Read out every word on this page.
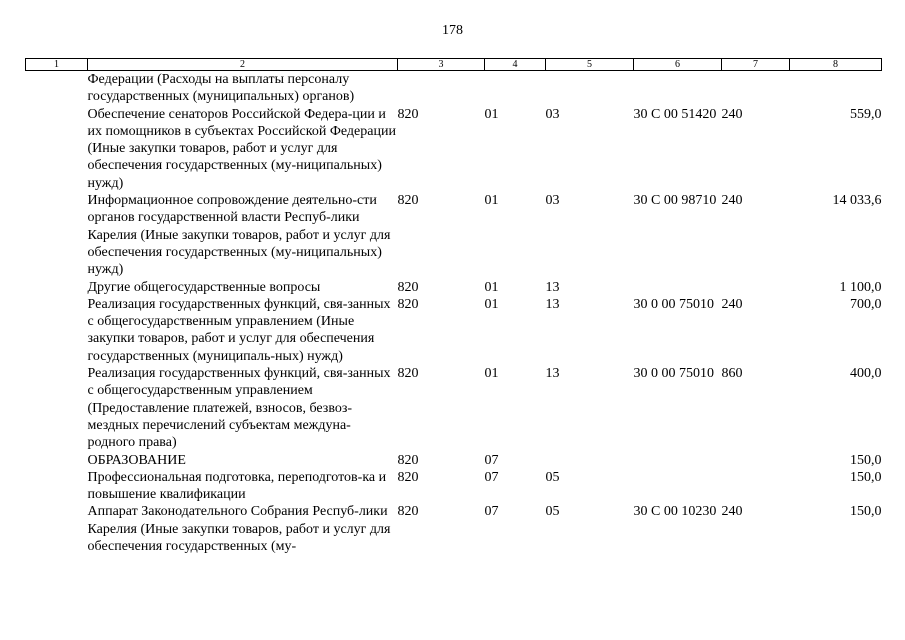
178
1	2	3	4	5	6	7	8
	Федерации (Расходы на выплаты персоналу государственных (муниципальных) органов)						
	Обеспечение сенаторов Российской Федера-ции и их помощников в субъектах Российской Федерации (Иные закупки товаров, работ и услуг для обеспечения государственных (му-ниципальных) нужд)	820	01	03	30 С 00 51420	240	559,0
	Информационное сопровождение деятельно-сти органов государственной власти Респуб-лики Карелия (Иные закупки товаров, работ и услуг для обеспечения государственных (му-ниципальных) нужд)	820	01	03	30 С 00 98710	240	14 033,6
	Другие общегосударственные вопросы	820	01	13			1 100,0
	Реализация государственных функций, свя-занных с общегосударственным управлением (Иные закупки товаров, работ и услуг для обеспечения государственных (муниципаль-ных) нужд)	820	01	13	30 0 00 75010	240	700,0
	Реализация государственных функций, свя-занных с общегосударственным управлением (Предоставление платежей, взносов, безвоз-мездных перечислений субъектам междуна-родного права)	820	01	13	30 0 00 75010	860	400,0
	ОБРАЗОВАНИЕ	820	07				150,0
	Профессиональная подготовка, переподготов-ка и повышение квалификации	820	07	05			150,0
	Аппарат Законодательного Собрания Респуб-лики Карелия (Иные закупки товаров, работ и услуг для обеспечения государственных (му-	820	07	05	30 С 00 10230	240	150,0
